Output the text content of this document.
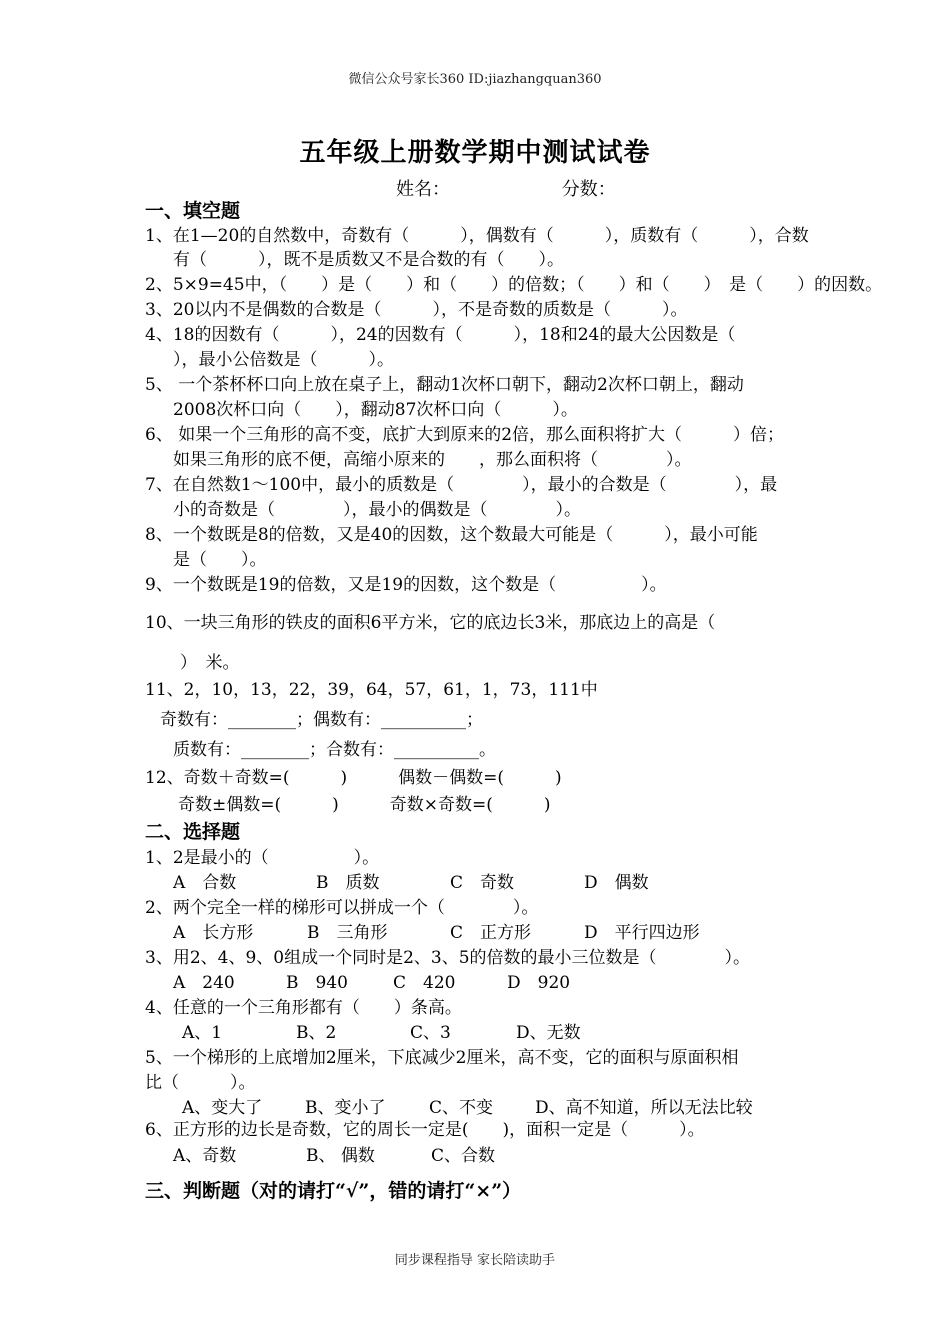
微信公众号家长360 ID:jiazhangquan360
五年级上册数学期中测试试卷
姓名：	分数：
一、填空题
1、在1—20的自然数中，奇数有（　　　），偶数有（　　　），质数有（　　　），合数
有（　　　），既不是质数又不是合数的有（　　）。
2、5×9=45中，（　　）是（　　）和（　　）的倍数；（　　）和（　　）　是（　　）的因数。
3、20以内不是偶数的合数是（　　　），不是奇数的质数是（　　　）。
4、18的因数有（　　　），24的因数有（　　　），18和24的最大公因数是（
），最小公倍数是（　　　）。
5、 一个茶杯杯口向上放在桌子上，翻动1次杯口朝下，翻动2次杯口朝上，翻动
2008次杯口向（　　），翻动87次杯口向（　　　）。
6、 如果一个三角形的高不变，底扩大到原来的2倍，那么面积将扩大（　　　）倍；
如果三角形的底不便，高缩小原来的　　，那么面积将（　　　　）。
7、在自然数1～100中，最小的质数是（　　　　），最小的合数是（　　　　），最
小的奇数是（　　　　），最小的偶数是（　　　　）。
8、一个数既是8的倍数，又是40的因数，这个数最大可能是（　　　），最小可能
是（　　）。
9、一个数既是19的倍数，又是19的因数，这个数是（　　　　　）。
10、一块三角形的铁皮的面积6平方米，它的底边长3米，那底边上的高是（
）　米。
11、2，10，13，22，39，64，57，61，1，73，111中
奇数有：________；偶数有：__________；
质数有：________；合数有：__________。
12、奇数＋奇数=(　　　)　　　偶数－偶数=(　　　)
奇数±偶数=(　　　)　　　奇数×奇数=(　　　)
二、选择题
1、2是最小的（　　　　　）。
A　合数	B　质数	C　奇数	D　偶数
2、两个完全一样的梯形可以拼成一个（　　　　）。
A　长方形	B　三角形	C　正方形	D　平行四边形
3、用2、4、9、0组成一个同时是2、3、5的倍数的最小三位数是（　　　　）。
A　240	B　940	C　420	D　920
4、任意的一个三角形都有（　　）条高。
A、1	B、2	C、3	D、无数
5、一个梯形的上底增加2厘米，下底减少2厘米，高不变，它的面积与原面积相
比（　　　）。
A、变大了	B、变小了	C、不变 D、高不知道，所以无法比较
6、正方形的边长是奇数，它的周长一定是(　　)，面积一定是（　　　）。
A、奇数	B、 偶数	C、合数
三、判断题（对的请打“√”，错的请打“×”）
同步课程指导 家长陪读助手
